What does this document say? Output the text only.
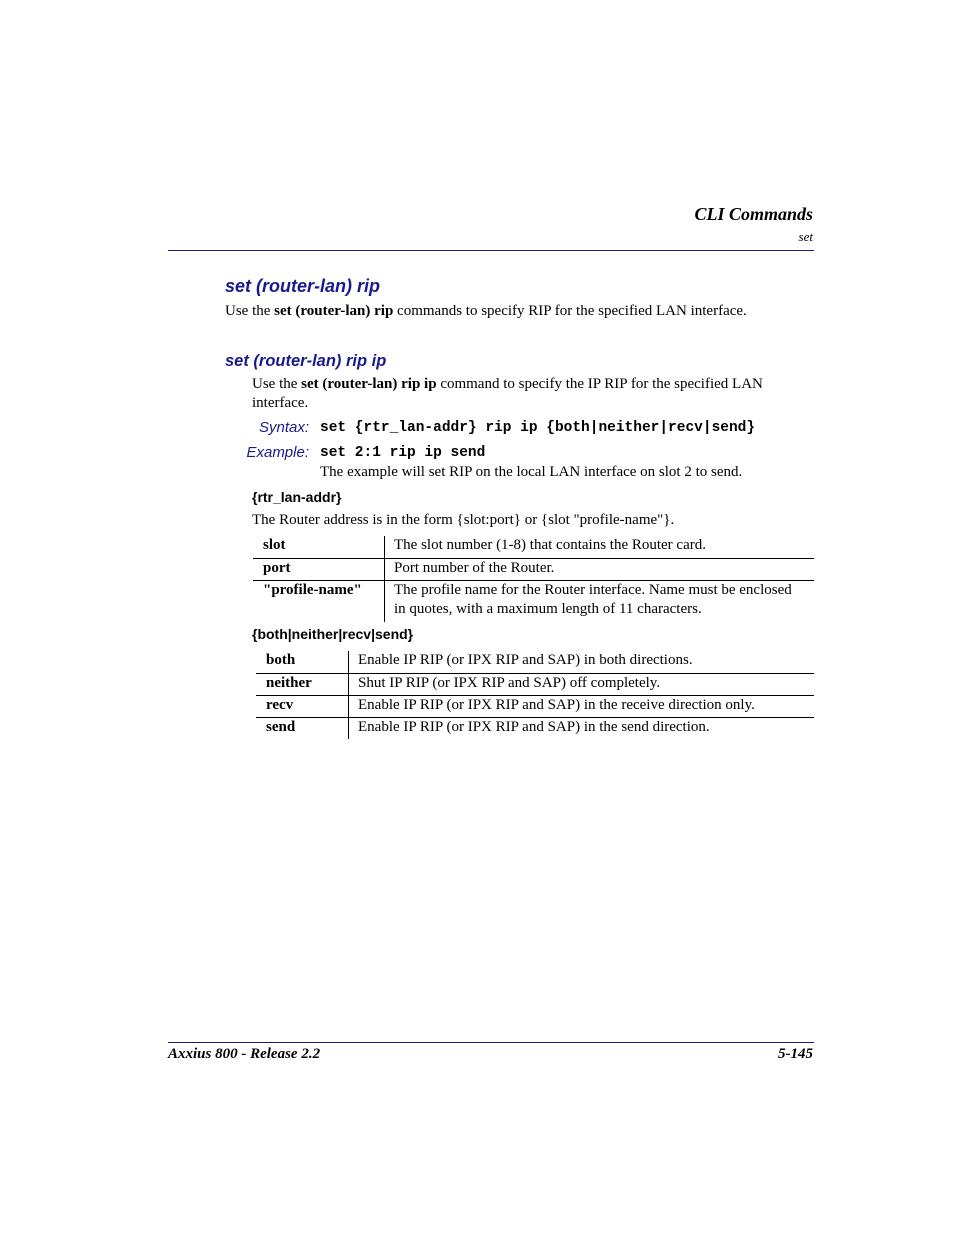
CLI Commands
set
set (router-lan) rip
Use the set (router-lan) rip commands to specify RIP for the specified LAN interface.
set (router-lan) rip ip
Use the set (router-lan) rip ip command to specify the IP RIP for the specified LAN
interface.
Syntax: set {rtr_lan-addr} rip ip {both|neither|recv|send}
Example: set 2:1 rip ip send
The example will set RIP on the local LAN interface on slot 2 to send.
{rtr_lan-addr}
The Router address is in the form {slot:port} or {slot "profile-name"}.
slot	The slot number (1-8) that contains the Router card.
port	Port number of the Router.
"profile-name"	The profile name for the Router interface. Name must be enclosed
in quotes, with a maximum length of 11 characters.
{both|neither|recv|send}
both	Enable IP RIP (or IPX RIP and SAP) in both directions.
neither	Shut IP RIP (or IPX RIP and SAP) off completely.
recv	Enable IP RIP (or IPX RIP and SAP) in the receive direction only.
send	Enable IP RIP (or IPX RIP and SAP) in the send direction.
Axxius 800 - Release 2.2	5-145
